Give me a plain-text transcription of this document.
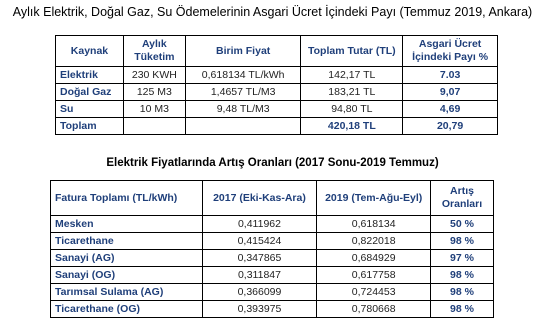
Aylık Elektrik, Doğal Gaz, Su Ödemelerinin Asgari Ücret İçindeki Payı (Temmuz 2019, Ankara)
Kaynak	Aylık Tüketim	Birim Fiyat	Toplam Tutar (TL)	Asgari Ücret İçindeki Payı %
Elektrik	230 KWH	0,618134 TL/kWh	142,17 TL	7.03
Doğal Gaz	125 M3	1,4657 TL/M3	183,21 TL	9,07
Su	10 M3	9,48 TL/M3	94,80 TL	4,69
Toplam			420,18 TL	20,79
Elektrik Fiyatlarında Artış Oranları (2017 Sonu-2019 Temmuz)
Fatura Toplamı (TL/kWh)	2017 (Eki-Kas-Ara)	2019 (Tem-Ağu-Eyl)	Artış Oranları
Mesken	0,411962	0,618134	50 %
Ticarethane	0,415424	0,822018	98 %
Sanayi (AG)	0,347865	0,684929	97 %
Sanayi (OG)	0,311847	0,617758	98 %
Tarımsal Sulama (AG)	0,366099	0,724453	98 %
Ticarethane (OG)	0,393975	0,780668	98 %
